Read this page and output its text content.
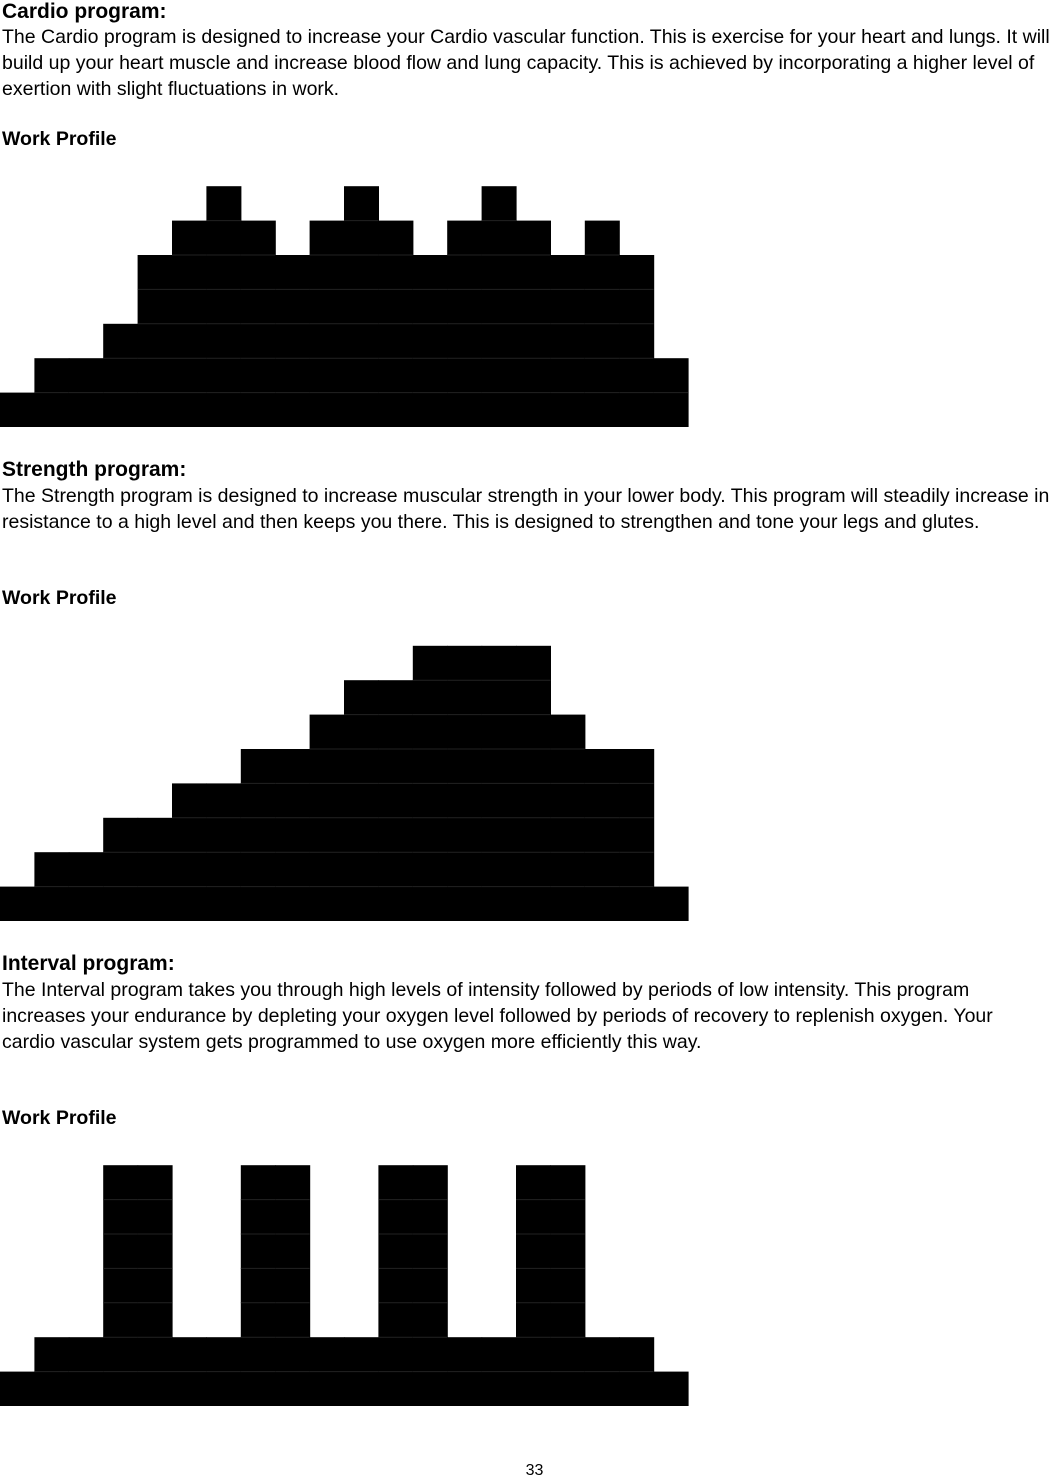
Cardio program:

The Cardio program is designed to increase your Cardio vascular function. This is exercise for your heart and lungs. It will build up your heart muscle and increase blood flow and lung capacity. This is achieved by incorporating a higher level of exertion with slight fluctuations in work.

Work Profile
Strength program:

The Strength program is designed to increase muscular strength in your lower body. This program will steadily increase in resistance to a high level and then keeps you there. This is designed to strengthen and tone your legs and glutes.

Work Profile
Interval program:

The Interval program takes you through high levels of intensity followed by periods of low intensity. This program increases your endurance by depleting your oxygen level followed by periods of recovery to replenish oxygen. Your cardio vascular system gets programmed to use oxygen more efficiently this way.

Work Profile
33
